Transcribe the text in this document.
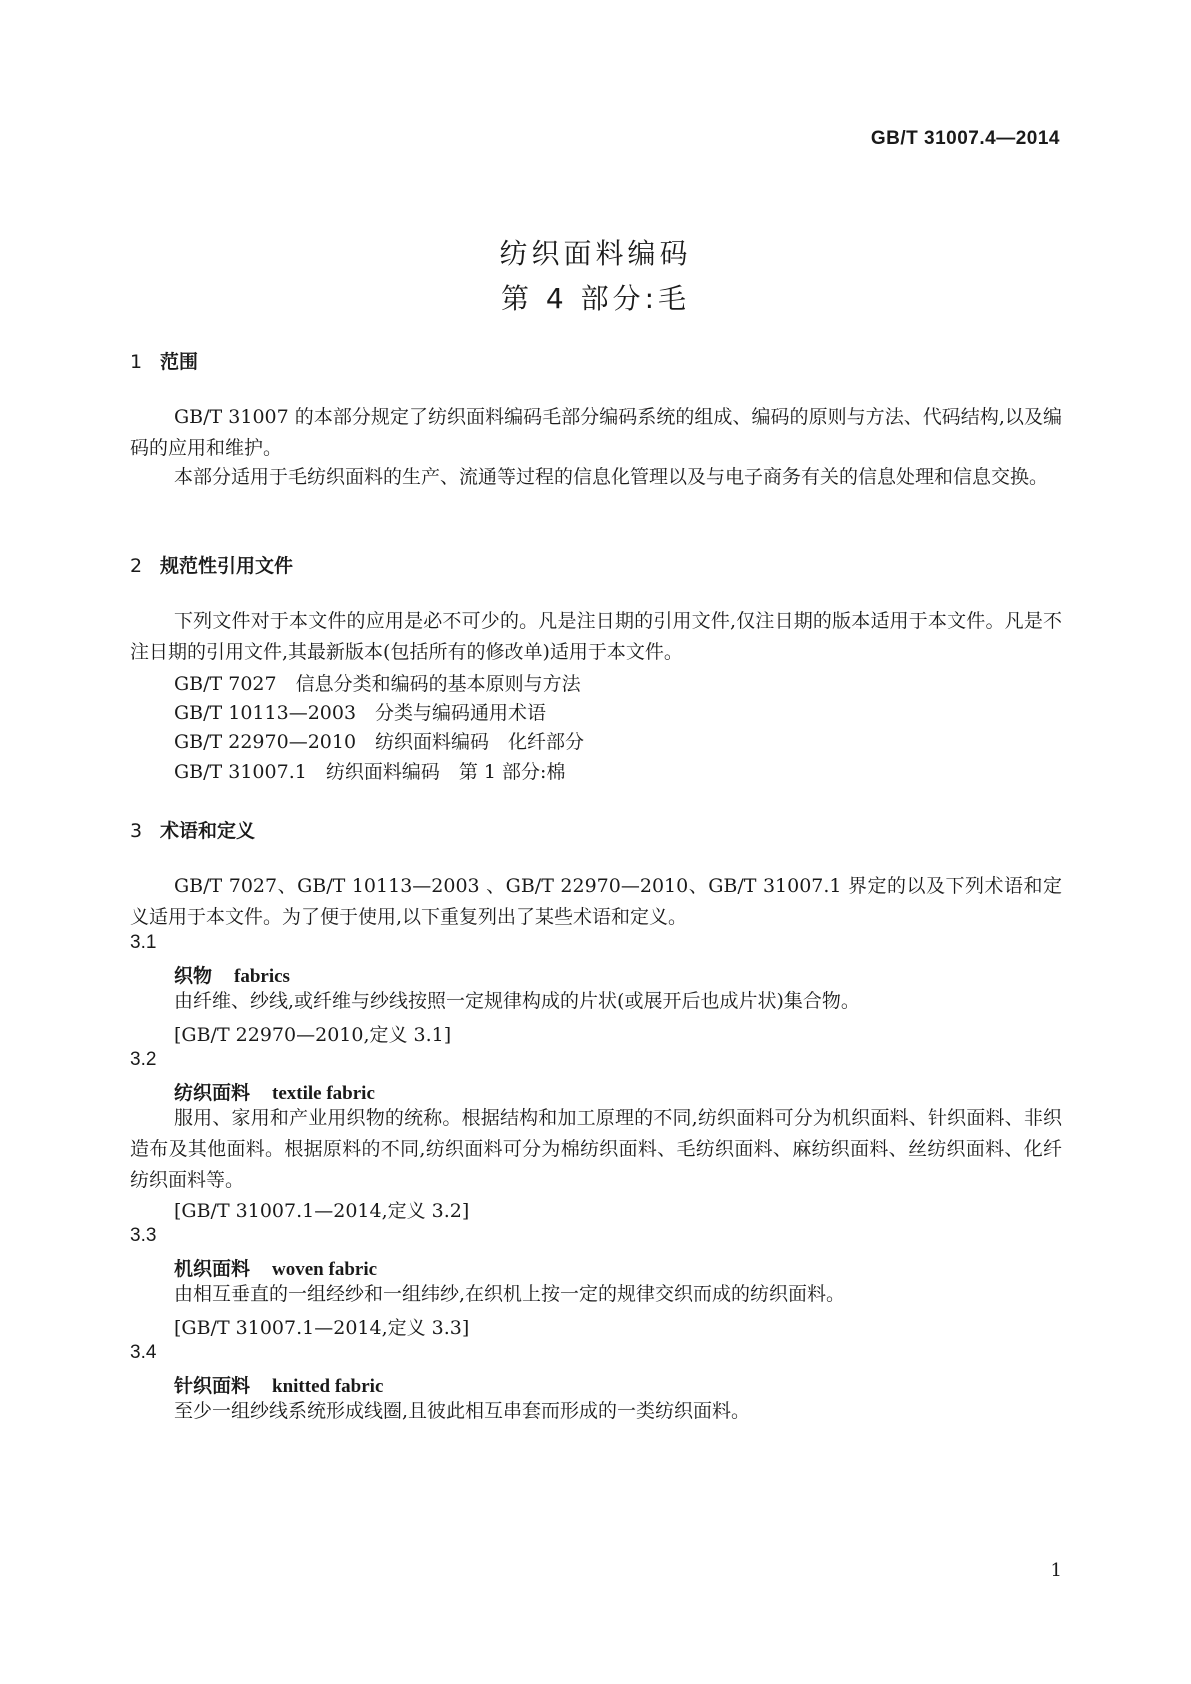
GB/T 31007.4—2014
纺织面料编码
第 4 部分:毛
1 范围

GB/T 31007 的本部分规定了纺织面料编码毛部分编码系统的组成、编码的原则与方法、代码结构,以及编码的应用和维护。

本部分适用于毛纺织面料的生产、流通等过程的信息化管理以及与电子商务有关的信息处理和信息交换。

2 规范性引用文件

下列文件对于本文件的应用是必不可少的。凡是注日期的引用文件,仅注日期的版本适用于本文件。凡是不注日期的引用文件,其最新版本(包括所有的修改单)适用于本文件。

GB/T 7027　信息分类和编码的基本原则与方法
GB/T 10113—2003　分类与编码通用术语
GB/T 22970—2010　纺织面料编码　化纤部分
GB/T 31007.1　纺织面料编码　第 1 部分:棉
3 术语和定义

GB/T 7027、GB/T 10113—2003 、GB/T 22970—2010、GB/T 31007.1 界定的以及下列术语和定义适用于本文件。为了便于使用,以下重复列出了某些术语和定义。

3.1
织物 fabrics

由纤维、纱线,或纤维与纱线按照一定规律构成的片状(或展开后也成片状)集合物。

[GB/T 22970—2010,定义 3.1]
3.2
纺织面料 textile fabric

服用、家用和产业用织物的统称。根据结构和加工原理的不同,纺织面料可分为机织面料、针织面料、非织造布及其他面料。根据原料的不同,纺织面料可分为棉纺织面料、毛纺织面料、麻纺织面料、丝纺织面料、化纤纺织面料等。

[GB/T 31007.1—2014,定义 3.2]
3.3
机织面料 woven fabric

由相互垂直的一组经纱和一组纬纱,在织机上按一定的规律交织而成的纺织面料。

[GB/T 31007.1—2014,定义 3.3]
3.4
针织面料 knitted fabric

至少一组纱线系统形成线圈,且彼此相互串套而形成的一类纺织面料。

1
